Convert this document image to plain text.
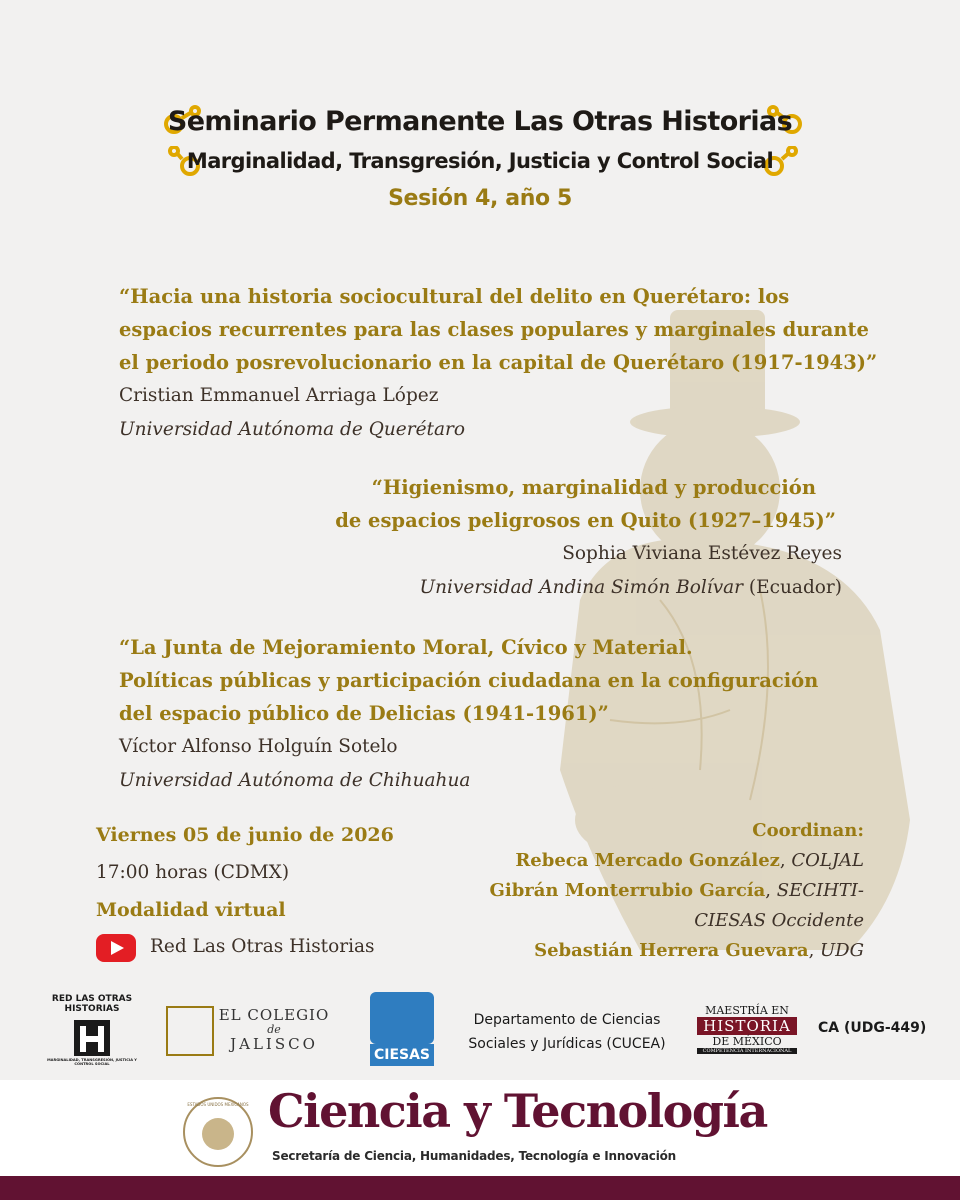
Seminario Permanente Las Otras Historias
Marginalidad, Transgresión, Justicia y Control Social
Sesión 4, año 5
“Hacia una historia sociocultural del delito en Querétaro: los
espacios recurrentes para las clases populares y marginales durante
el periodo posrevolucionario en la capital de Querétaro (1917-1943)”
Cristian Emmanuel Arriaga López
Universidad Autónoma de Querétaro
“Higienismo, marginalidad y producción
de espacios peligrosos en Quito (1927–1945)”
Sophia Viviana Estévez Reyes
Universidad Andina Simón Bolívar (Ecuador)
“La Junta de Mejoramiento Moral, Cívico y Material.
Políticas públicas y participación ciudadana en la configuración
del espacio público de Delicias (1941-1961)”
Víctor Alfonso Holguín Sotelo
Universidad Autónoma de Chihuahua
Viernes 05 de junio de 2026
17:00 horas (CDMX)
Modalidad virtual
Red Las Otras Historias
Coordinan:
Rebeca Mercado González, COLJAL
Gibrán Monterrubio García, SECIHTI-
CIESAS Occidente
Sebastián Herrera Guevara, UDG
RED LAS OTRAS HISTORIAS
MARGINALIDAD, TRANSGRESIÓN, JUSTICIA Y CONTROL SOCIAL
EL COLEGIO
de
JALISCO
CIESAS
Departamento de Ciencias
Sociales y Jurídicas (CUCEA)
MAESTRÍA EN
HISTORIA
DE MÉXICO
COMPETENCIA INTERNACIONAL
CA (UDG-449)
ESTADOS UNIDOS MEXICANOS Ciencia y Tecnología
Secretaría de Ciencia, Humanidades, Tecnología e Innovación
